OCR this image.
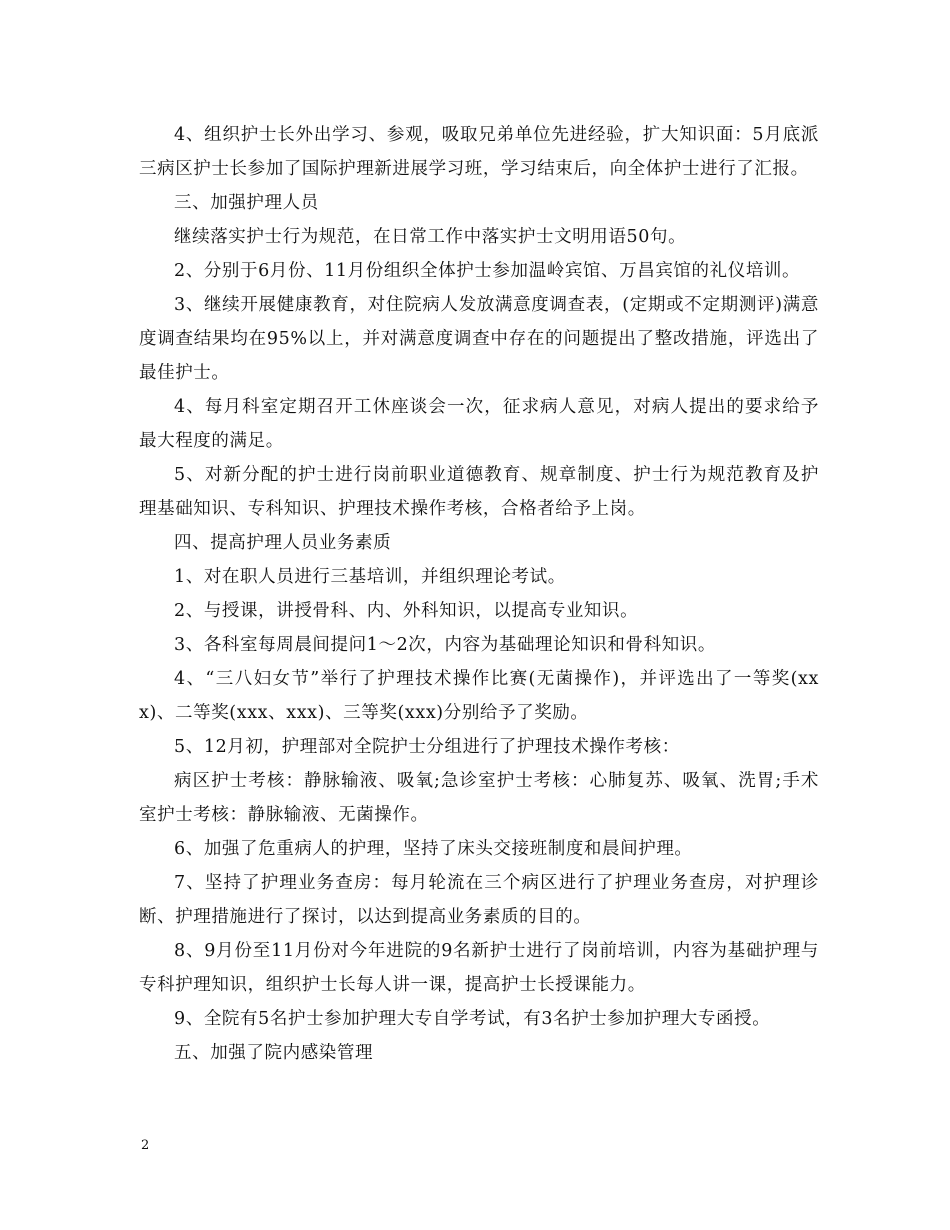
4、组织护士长外出学习、参观，吸取兄弟单位先进经验，扩大知识面：5月底派三病区护士长参加了国际护理新进展学习班，学习结束后，向全体护士进行了汇报。

三、加强护理人员

继续落实护士行为规范，在日常工作中落实护士文明用语50句。

2、分别于6月份、11月份组织全体护士参加温岭宾馆、万昌宾馆的礼仪培训。

3、继续开展健康教育，对住院病人发放满意度调查表，(定期或不定期测评)满意度调查结果均在95%以上，并对满意度调查中存在的问题提出了整改措施，评选出了最佳护士。

4、每月科室定期召开工休座谈会一次，征求病人意见，对病人提出的要求给予最大程度的满足。

5、对新分配的护士进行岗前职业道德教育、规章制度、护士行为规范教育及护理基础知识、专科知识、护理技术操作考核，合格者给予上岗。

四、提高护理人员业务素质

1、对在职人员进行三基培训，并组织理论考试。

2、与授课，讲授骨科、内、外科知识，以提高专业知识。

3、各科室每周晨间提问1～2次，内容为基础理论知识和骨科知识。

4、“三八妇女节”举行了护理技术操作比赛(无菌操作)，并评选出了一等奖(xxx)、二等奖(xxx、xxx)、三等奖(xxx)分别给予了奖励。

5、12月初，护理部对全院护士分组进行了护理技术操作考核：

病区护士考核：静脉输液、吸氧;急诊室护士考核：心肺复苏、吸氧、洗胃;手术室护士考核：静脉输液、无菌操作。

6、加强了危重病人的护理，坚持了床头交接班制度和晨间护理。

7、坚持了护理业务查房：每月轮流在三个病区进行了护理业务查房，对护理诊断、护理措施进行了探讨，以达到提高业务素质的目的。

8、9月份至11月份对今年进院的9名新护士进行了岗前培训，内容为基础护理与专科护理知识，组织护士长每人讲一课，提高护士长授课能力。

9、全院有5名护士参加护理大专自学考试，有3名护士参加护理大专函授。

五、加强了院内感染管理

2
